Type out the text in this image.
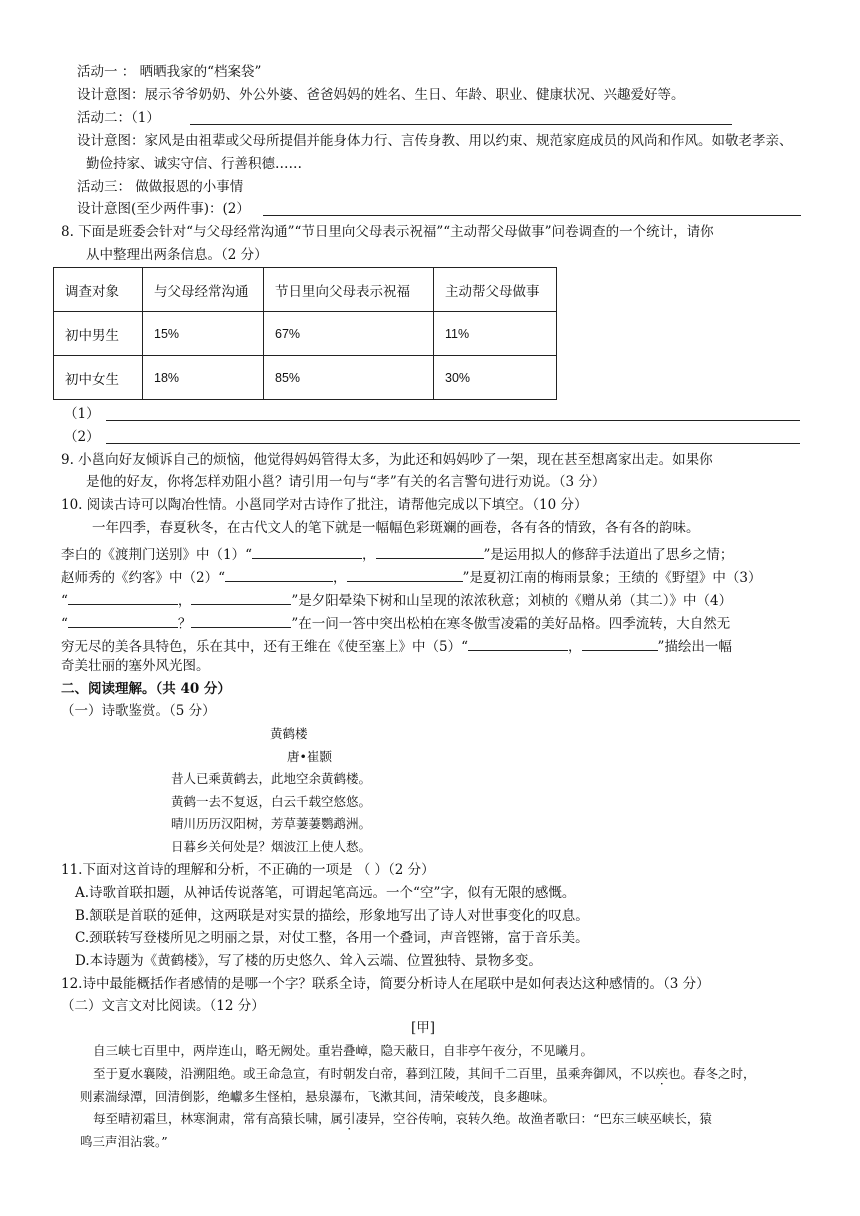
活动一 ： 晒晒我家的“档案袋”
设计意图：展示爷爷奶奶、外公外婆、爸爸妈妈的姓名、生日、年龄、职业、健康状况、兴趣爱好等。
活动二：（1）
设计意图：家风是由祖辈或父母所提倡并能身体力行、言传身教、用以约束、规范家庭成员的风尚和作风。如敬老孝亲、
勤俭持家、诚实守信、行善积德……
活动三： 做做报恩的小事情
设计意图(至少两件事)：(2）
8. 下面是班委会针对“与父母经常沟通”“节日里向父母表示祝福”“主动帮父母做事”问卷调查的一个统计，请你
从中整理出两条信息。（2 分）
调查对象	与父母经常沟通	节日里向父母表示祝福	主动帮父母做事
初中男生	15%	67%	11%
初中女生	18%	85%	30%
（1）
（2）
9. 小邕向好友倾诉自己的烦恼，他觉得妈妈管得太多，为此还和妈妈吵了一架，现在甚至想离家出走。如果你
是他的好友，你将怎样劝阻小邕？请引用一句与“孝”有关的名言警句进行劝说。（3 分）
10. 阅读古诗可以陶冶性情。小邕同学对古诗作了批注，请帮他完成以下填空。（10 分）
一年四季，春夏秋冬，在古代文人的笔下就是一幅幅色彩斑斓的画卷，各有各的情致，各有各的韵味。
李白的《渡荆门送别》中（1）“	，	”是运用拟人的修辞手法道出了思乡之情；
赵师秀的《约客》中（2）“	，	”是夏初江南的梅雨景象；王绩的《野望》中（3）
“	，	”是夕阳晕染下树和山呈现的浓浓秋意；刘桢的《赠从弟（其二）》中（4）
“	？	”在一问一答中突出松柏在寒冬傲雪凌霜的美好品格。四季流转，大自然无
穷无尽的美各具特色，乐在其中，还有王维在《使至塞上》中（5）“	，	”描绘出一幅
奇美壮丽的塞外风光图。
二、阅读理解。（共 40 分）
（一）诗歌鉴赏。（5 分）
黄鹤楼
唐•崔颢
昔人已乘黄鹤去，此地空余黄鹤楼。
黄鹤一去不复返，白云千载空悠悠。
晴川历历汉阳树，芳草萋萋鹦鹉洲。
日暮乡关何处是？烟波江上使人愁。
11.下面对这首诗的理解和分析，不正确的一项是 （ ）（2 分）
A.诗歌首联扣题，从神话传说落笔，可谓起笔高远。一个“空”字，似有无限的感慨。
B.颔联是首联的延伸，这两联是对实景的描绘，形象地写出了诗人对世事变化的叹息。
C.颈联转写登楼所见之明丽之景，对仗工整，各用一个叠词，声音铿锵，富于音乐美。
D.本诗题为《黄鹤楼》，写了楼的历史悠久、耸入云端、位置独特、景物多变。
12.诗中最能概括作者感情的是哪一个字？联系全诗，简要分析诗人在尾联中是如何表达这种感情的。（3 分）
（二）文言文对比阅读。（12 分）
[甲]
自三峡七百里中，两岸连山，略无阙处。重岩叠嶂，隐天蔽日，自非亭午夜分，不见曦月。
至于夏水襄陵，沿溯阻绝。或王命急宣，有时朝发白帝，暮到江陵，其间千二百里，虽乘奔御风，不以疾也。春冬之时，
则素湍绿潭，回清倒影，绝巘多生怪柏，悬泉瀑布，飞漱其间，清荣峻茂，良多趣味。
每至晴初霜旦，林寒涧肃，常有高猿长啸，属引凄异，空谷传响，哀转久绝。故渔者歌曰：“巴东三峡巫峡长，猿
鸣三声泪沾裳。”
